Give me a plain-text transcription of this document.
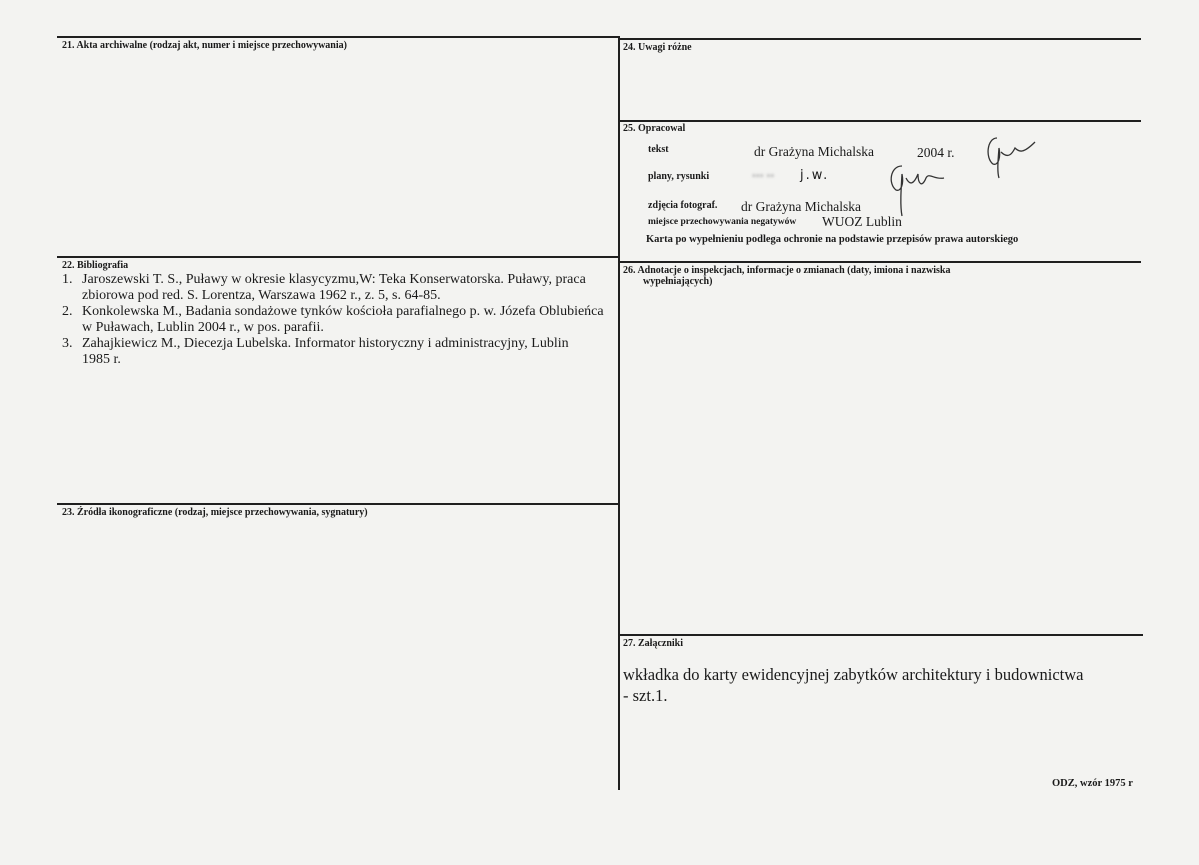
21. Akta archiwalne (rodzaj akt, numer i miejsce przechowywania)	24. Uwagi różne
25. Opracowal
tekst	dr Grażyna Michalska	2004 r.
plany, rysunki	▪▪▪ ▪▪ j.w.
zdjęcia fotograf. dr Grażyna Michalska
miejsce przechowywania negatywów WUOZ Lublin
Karta po wypełnieniu podlega ochronie na podstawie przepisów prawa autorskiego
22. Bibliografia
1. Jaroszewski T. S., Puławy w okresie klasycyzmu,W: Teka Konserwatorska. Puławy, praca zbiorowa pod red. S. Lorentza, Warszawa 1962 r., z. 5, s. 64-85.
2. Konkolewska M., Badania sondażowe tynków kościoła parafialnego p. w. Józefa Oblubieńca w Puławach, Lublin 2004 r., w pos. parafii.
3. Zahajkiewicz M., Diecezja Lubelska. Informator historyczny i administracyjny, Lublin 1985 r.
26. Adnotacje o inspekcjach, informacje o zmianach (daty, imiona i nazwiska
wypełniających)
23. Źródła ikonograficzne (rodzaj, miejsce przechowywania, sygnatury)
27. Załączniki
wkładka do karty ewidencyjnej zabytków architektury i budownictwa
- szt.1.
ODZ, wzór 1975 r
